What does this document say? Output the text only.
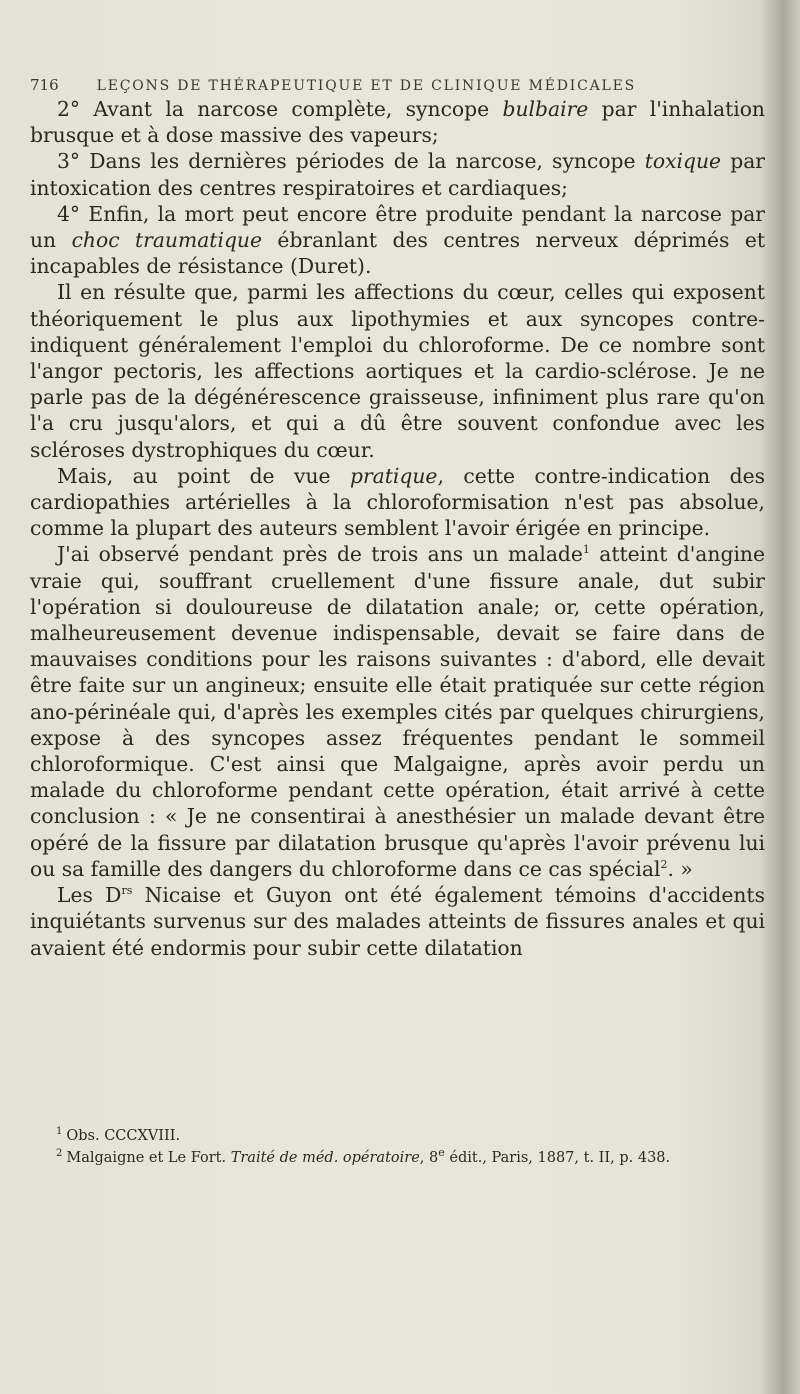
716	LEÇONS DE THÉRAPEUTIQUE ET DE CLINIQUE MÉDICALES

2° Avant la narcose complète, syncope bulbaire par l'inhalation brusque et à dose massive des vapeurs;

3° Dans les dernières périodes de la narcose, syncope toxique par intoxication des centres respiratoires et cardiaques;

4° Enfin, la mort peut encore être produite pendant la narcose par un choc traumatique ébranlant des centres nerveux déprimés et incapables de résistance (Duret).

Il en résulte que, parmi les affections du cœur, celles qui exposent théoriquement le plus aux lipothymies et aux syncopes contre-indiquent généralement l'emploi du chloroforme. De ce nombre sont l'angor pectoris, les affections aortiques et la cardio-sclérose. Je ne parle pas de la dégénérescence graisseuse, infiniment plus rare qu'on l'a cru jusqu'alors, et qui a dû être souvent confondue avec les scléroses dystrophiques du cœur.

Mais, au point de vue pratique, cette contre-indication des cardiopathies artérielles à la chloroformisation n'est pas absolue, comme la plupart des auteurs semblent l'avoir érigée en principe.

J'ai observé pendant près de trois ans un malade$^1$ atteint d'angine vraie qui, souffrant cruellement d'une fissure anale, dut subir l'opération si douloureuse de dilatation anale; or, cette opération, malheureusement devenue indispensable, devait se faire dans de mauvaises conditions pour les raisons suivantes : d'abord, elle devait être faite sur un angineux; ensuite elle était pratiquée sur cette région ano-périnéale qui, d'après les exemples cités par quelques chirurgiens, expose à des syncopes assez fréquentes pendant le sommeil chloroformique. C'est ainsi que Malgaigne, après avoir perdu un malade du chloroforme pendant cette opération, était arrivé à cette conclusion : « Je ne consentirai à anesthésier un malade devant être opéré de la fissure par dilatation brusque qu'après l'avoir prévenu lui ou sa famille des dangers du chloroforme dans ce cas spécial$^2$. »

Les $D^{rs}$ Nicaise et Guyon ont été également témoins d'accidents inquiétants survenus sur des malades atteints de fissures anales et qui avaient été endormis pour subir cette dilatation

$^1$ Obs. CCCXVIII.

$^2$ Malgaigne et Le Fort. Traité de méd. opératoire, 8e édit., Paris, 1887, t. II, p. 438.
